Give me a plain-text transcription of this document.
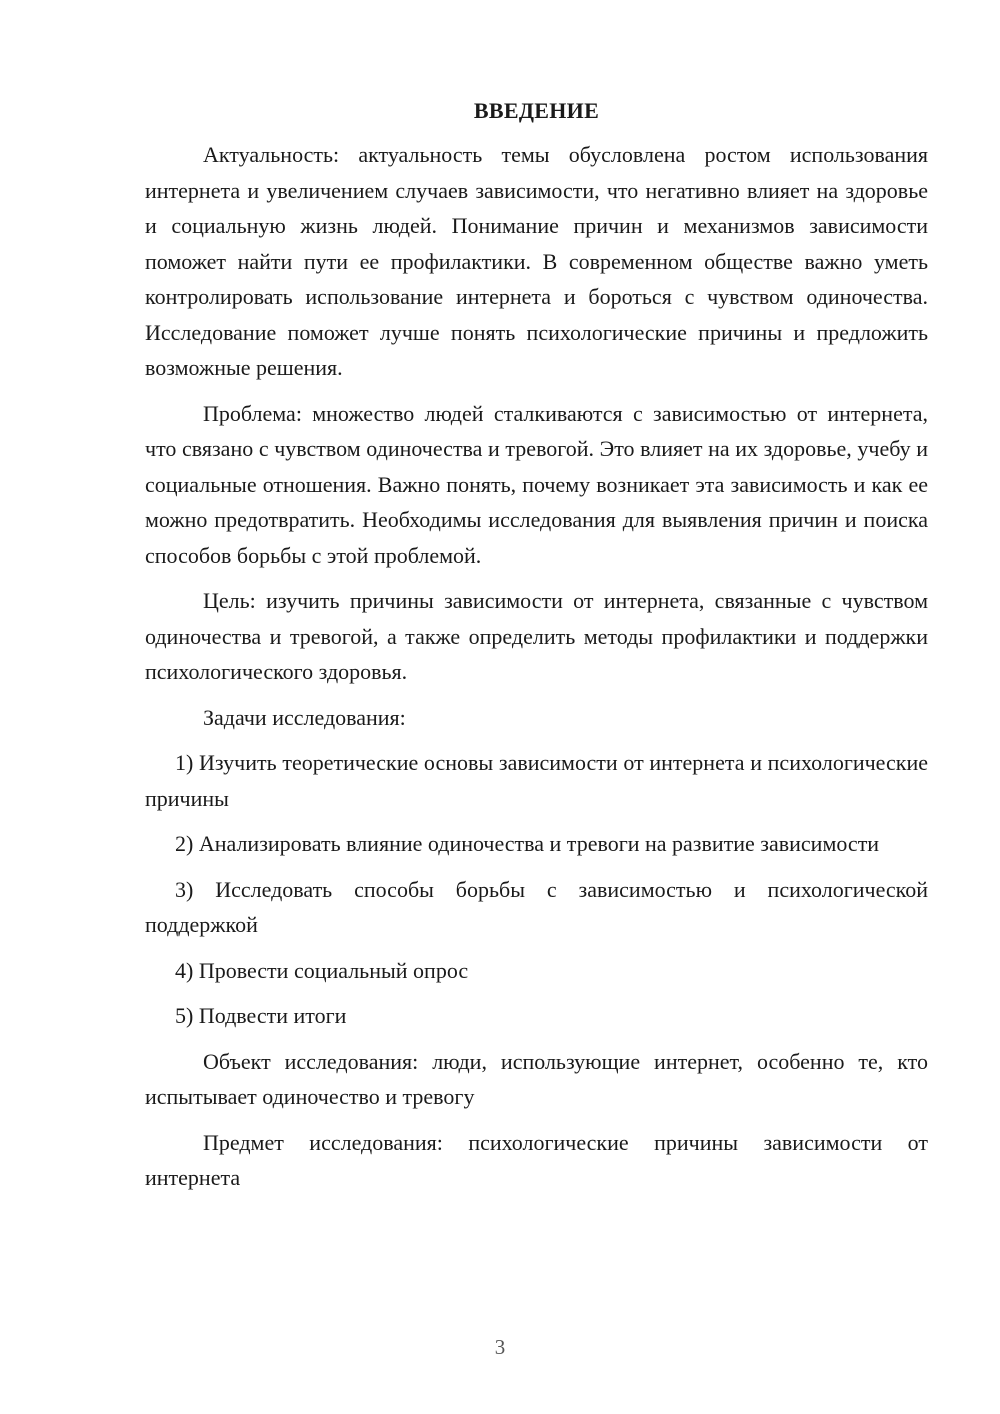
ВВЕДЕНИЕ

Актуальность: актуальность темы обусловлена ростом использования интернета и увеличением случаев зависимости, что негативно влияет на здоровье и социальную жизнь людей. Понимание причин и механизмов зависимости поможет найти пути ее профилактики. В современном обществе важно уметь контролировать использование интернета и бороться с чувством одиночества. Исследование поможет лучше понять психологические причины и предложить возможные решения.

Проблема: множество людей сталкиваются с зависимостью от интернета, что связано с чувством одиночества и тревогой. Это влияет на их здоровье, учебу и социальные отношения. Важно понять, почему возникает эта зависимость и как ее можно предотвратить. Необходимы исследования для выявления причин и поиска способов борьбы с этой проблемой.

Цель: изучить причины зависимости от интернета, связанные с чувством одиночества и тревогой, а также определить методы профилактики и поддержки психологического здоровья.

Задачи исследования:

1) Изучить теоретические основы зависимости от интернета и психологические причины

2) Анализировать влияние одиночества и тревоги на развитие зависимости

3) Исследовать способы борьбы с зависимостью и психологической поддержкой

4) Провести социальный опрос

5) Подвести итоги

Объект исследования: люди, использующие интернет, особенно те, кто испытывает одиночество и тревогу

Предмет исследования: психологические причины зависимости от интернета

3
